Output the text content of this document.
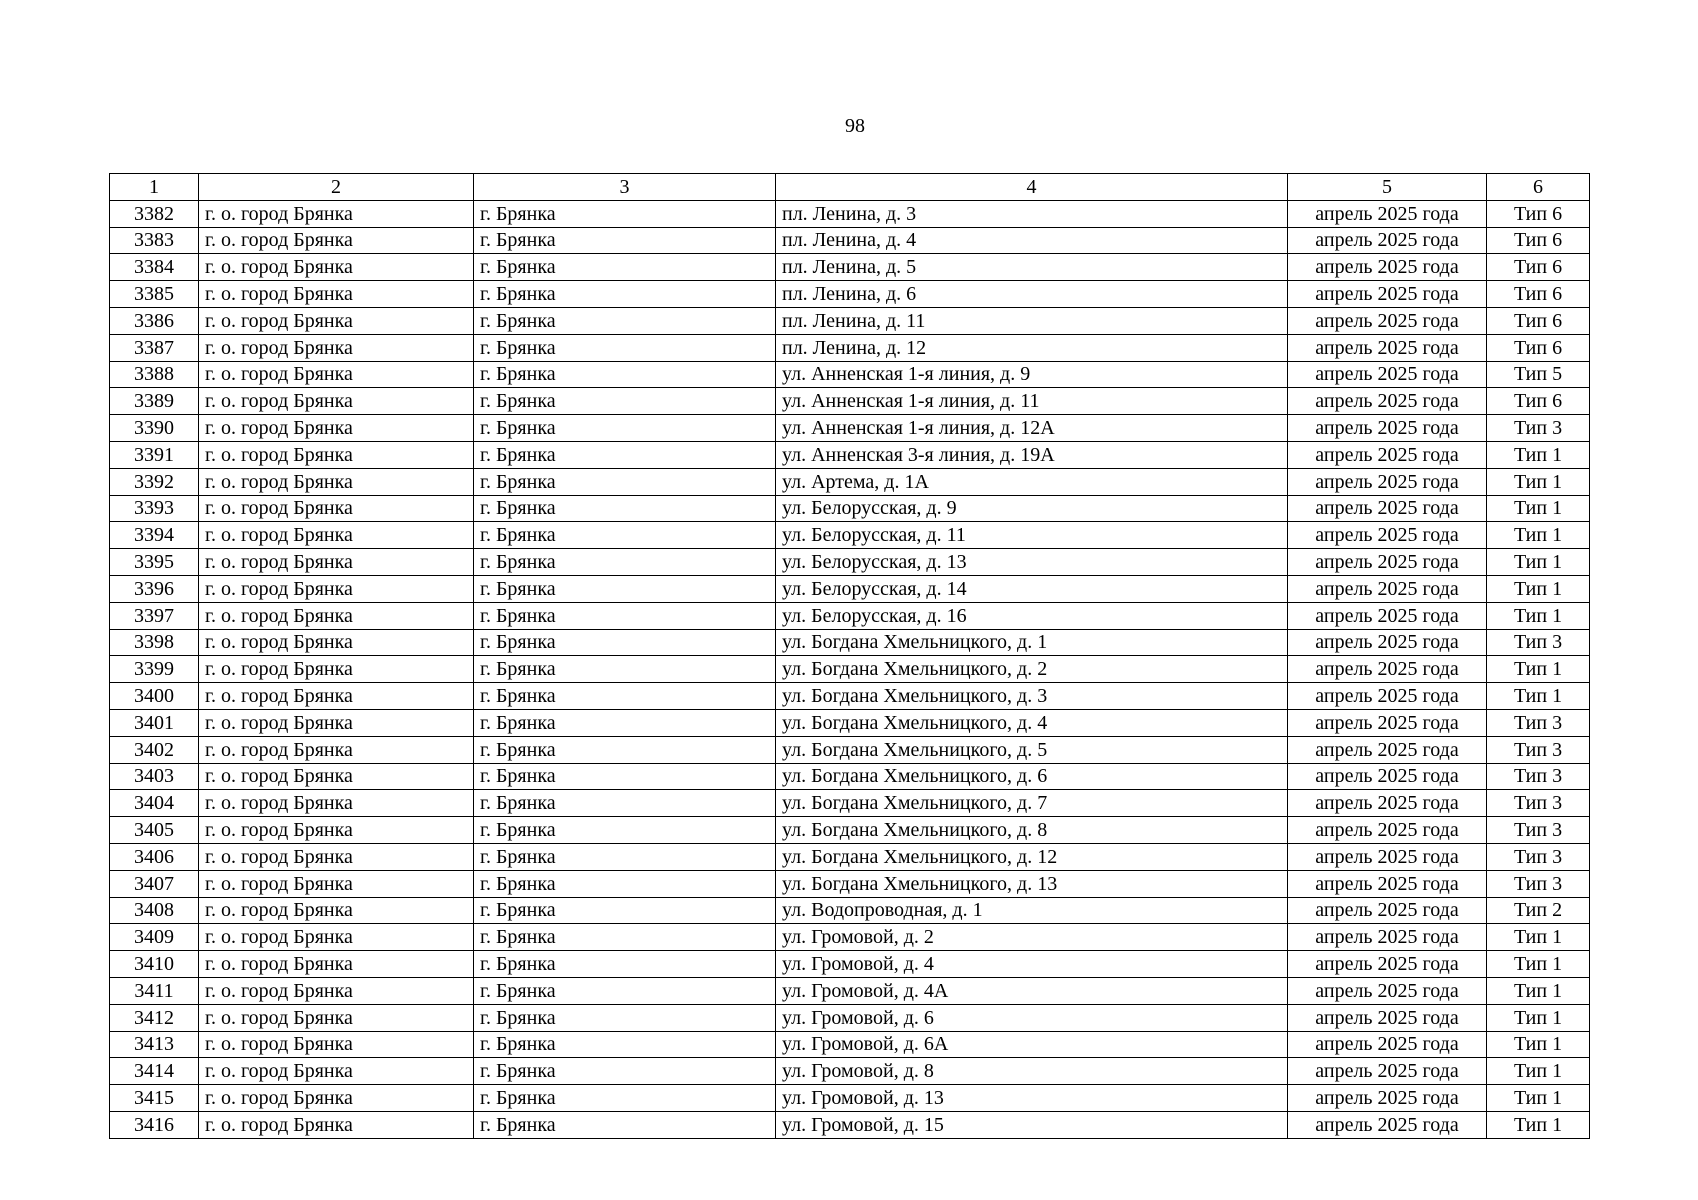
98
1	2	3	4	5	6
3382	г. о. город Брянка	г. Брянка	пл. Ленина, д. 3	апрель 2025 года	Тип 6
3383	г. о. город Брянка	г. Брянка	пл. Ленина, д. 4	апрель 2025 года	Тип 6
3384	г. о. город Брянка	г. Брянка	пл. Ленина, д. 5	апрель 2025 года	Тип 6
3385	г. о. город Брянка	г. Брянка	пл. Ленина, д. 6	апрель 2025 года	Тип 6
3386	г. о. город Брянка	г. Брянка	пл. Ленина, д. 11	апрель 2025 года	Тип 6
3387	г. о. город Брянка	г. Брянка	пл. Ленина, д. 12	апрель 2025 года	Тип 6
3388	г. о. город Брянка	г. Брянка	ул. Анненская 1-я линия, д. 9	апрель 2025 года	Тип 5
3389	г. о. город Брянка	г. Брянка	ул. Анненская 1-я линия, д. 11	апрель 2025 года	Тип 6
3390	г. о. город Брянка	г. Брянка	ул. Анненская 1-я линия, д. 12А	апрель 2025 года	Тип 3
3391	г. о. город Брянка	г. Брянка	ул. Анненская 3-я линия, д. 19А	апрель 2025 года	Тип 1
3392	г. о. город Брянка	г. Брянка	ул. Артема, д. 1А	апрель 2025 года	Тип 1
3393	г. о. город Брянка	г. Брянка	ул. Белорусская, д. 9	апрель 2025 года	Тип 1
3394	г. о. город Брянка	г. Брянка	ул. Белорусская, д. 11	апрель 2025 года	Тип 1
3395	г. о. город Брянка	г. Брянка	ул. Белорусская, д. 13	апрель 2025 года	Тип 1
3396	г. о. город Брянка	г. Брянка	ул. Белорусская, д. 14	апрель 2025 года	Тип 1
3397	г. о. город Брянка	г. Брянка	ул. Белорусская, д. 16	апрель 2025 года	Тип 1
3398	г. о. город Брянка	г. Брянка	ул. Богдана Хмельницкого, д. 1	апрель 2025 года	Тип 3
3399	г. о. город Брянка	г. Брянка	ул. Богдана Хмельницкого, д. 2	апрель 2025 года	Тип 1
3400	г. о. город Брянка	г. Брянка	ул. Богдана Хмельницкого, д. 3	апрель 2025 года	Тип 1
3401	г. о. город Брянка	г. Брянка	ул. Богдана Хмельницкого, д. 4	апрель 2025 года	Тип 3
3402	г. о. город Брянка	г. Брянка	ул. Богдана Хмельницкого, д. 5	апрель 2025 года	Тип 3
3403	г. о. город Брянка	г. Брянка	ул. Богдана Хмельницкого, д. 6	апрель 2025 года	Тип 3
3404	г. о. город Брянка	г. Брянка	ул. Богдана Хмельницкого, д. 7	апрель 2025 года	Тип 3
3405	г. о. город Брянка	г. Брянка	ул. Богдана Хмельницкого, д. 8	апрель 2025 года	Тип 3
3406	г. о. город Брянка	г. Брянка	ул. Богдана Хмельницкого, д. 12	апрель 2025 года	Тип 3
3407	г. о. город Брянка	г. Брянка	ул. Богдана Хмельницкого, д. 13	апрель 2025 года	Тип 3
3408	г. о. город Брянка	г. Брянка	ул. Водопроводная, д. 1	апрель 2025 года	Тип 2
3409	г. о. город Брянка	г. Брянка	ул. Громовой, д. 2	апрель 2025 года	Тип 1
3410	г. о. город Брянка	г. Брянка	ул. Громовой, д. 4	апрель 2025 года	Тип 1
3411	г. о. город Брянка	г. Брянка	ул. Громовой, д. 4А	апрель 2025 года	Тип 1
3412	г. о. город Брянка	г. Брянка	ул. Громовой, д. 6	апрель 2025 года	Тип 1
3413	г. о. город Брянка	г. Брянка	ул. Громовой, д. 6А	апрель 2025 года	Тип 1
3414	г. о. город Брянка	г. Брянка	ул. Громовой, д. 8	апрель 2025 года	Тип 1
3415	г. о. город Брянка	г. Брянка	ул. Громовой, д. 13	апрель 2025 года	Тип 1
3416	г. о. город Брянка	г. Брянка	ул. Громовой, д. 15	апрель 2025 года	Тип 1
